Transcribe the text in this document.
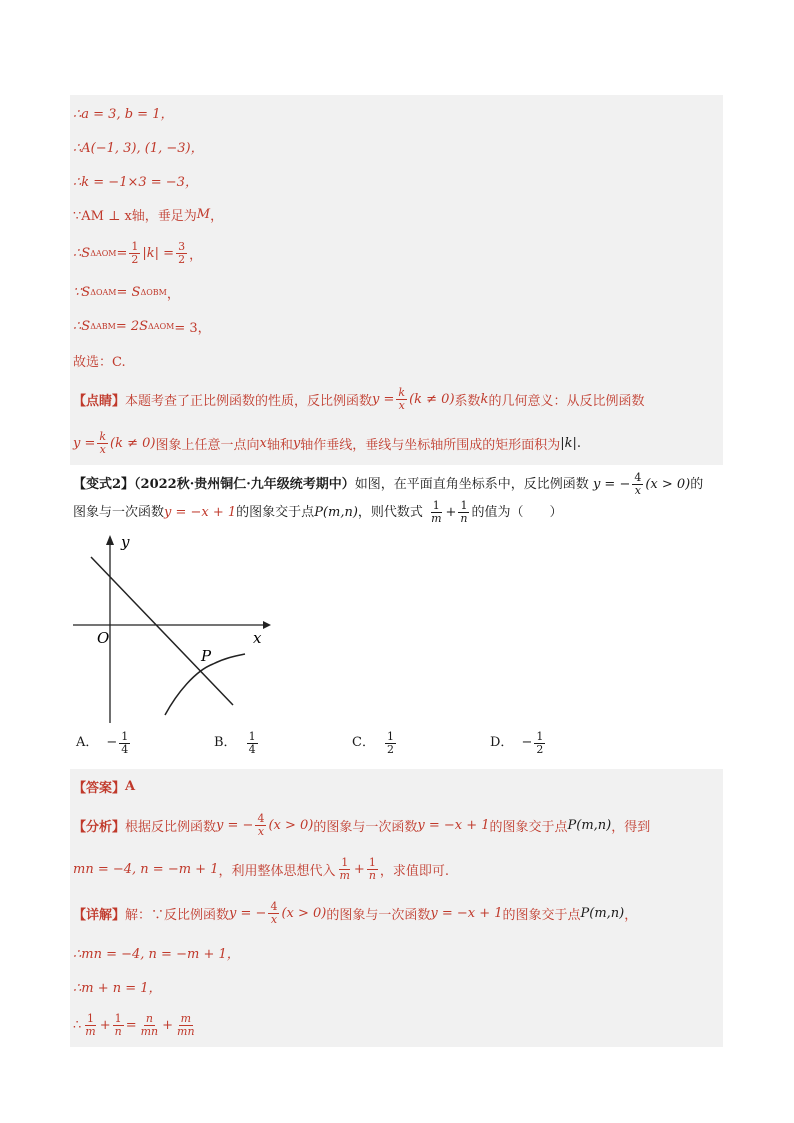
∴a = 3, b = 1，
∴A(−1, 3), (1, −3)，
∴k = −1×3 = −3，
∵AM ⊥ x轴，垂足为 M ，
∴S $\Delta AOM = \frac{1}{2} |k| = \frac{3}{2}$ ，
∵S ΔOAM = S ΔOBM ，
∴S ΔABM = 2S ΔAOM = 3，
故选：C.
【点睛】 本题考查了正比例函数的性质，反比例函数 $y = \frac{k}{x} (k \ne 0)$ 系数 k 的几何意义：从反比例函数
$y = \frac{k}{x} (k \ne 0)$ 图象上任意一点向 x 轴和 y 轴作垂线，垂线与坐标轴所围成的矩形面积为 |k| .
【变式2】（2022秋·贵州铜仁·九年级统考期中）如图，在平面直角坐标系中，反比例函数 y = − $\frac{4}{x} (x > 0)$的
图象与一次函数y = −x + 1的图象交于点P(m,n)，则代数式 $\frac{1}{m} + \frac{1}{n}$ 的值为（　　）
y
x
O
P
A． − $\frac{1}{4}$	B． $\frac{1}{4}$	C． $\frac{1}{2}$	D． − $\frac{1}{2}$
【答案】 A
【分析】 根据反比例函数 y = − $\frac{4}{x} (x > 0)$ 的图象与一次函数 y = −x + 1 的图象交于点 P(m,n) ，得到
mn = −4, n = −m + 1 ，利用整体思想代入 $\frac{1}{m} + \frac{1}{n}$ ，求值即可.
【详解】 解：∵反比例函数 y = − $\frac{4}{x} (x > 0)$ 的图象与一次函数 y = −x + 1 的图象交于点 P(m,n) ，
∴mn = −4, n = −m + 1，
∴m + n = 1，
∴ $\frac{1}{m} + \frac{1}{n} = \frac{n}{mn} + \frac{m}{mn}$
